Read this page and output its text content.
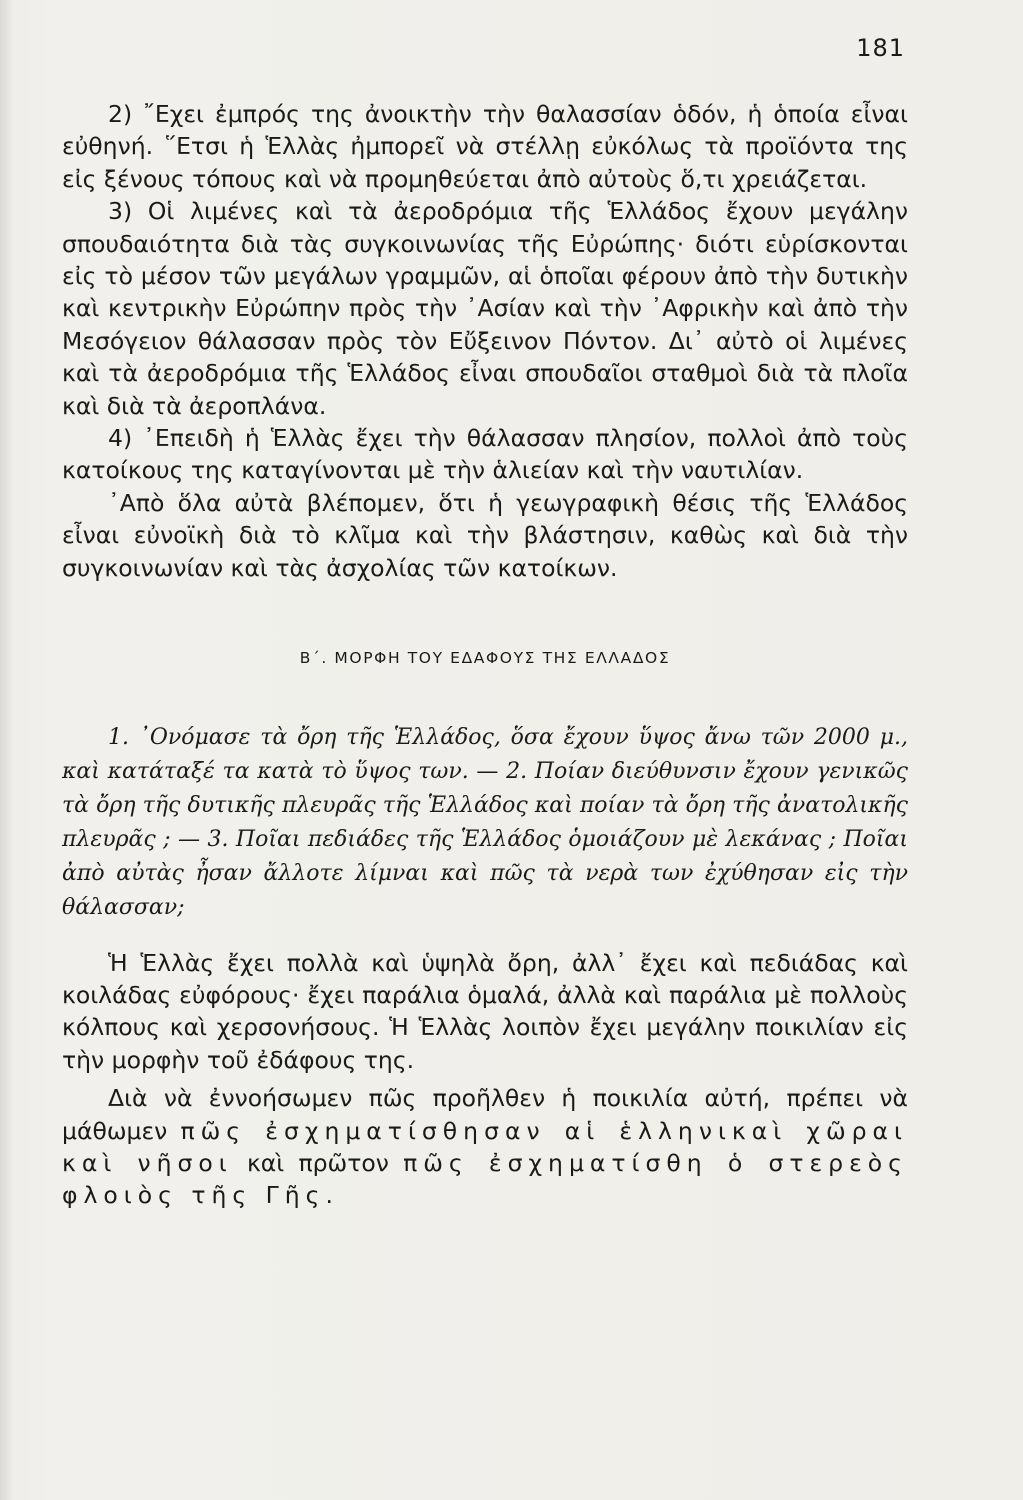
181

2) ῎Εχει ἐμπρός της ἀνοικτὴν τὴν θαλασσίαν ὁδόν, ἡ ὁποία εἶναι εὐθηνή. ῞Ετσι ἡ Ἑλλὰς ἠμπορεῖ νὰ στέλλῃ εὐκόλως τὰ προϊόντα της εἰς ξένους τόπους καὶ νὰ προμηθεύεται ἀπὸ αὐτοὺς ὅ,τι χρειάζεται.

3) Οἱ λιμένες καὶ τὰ ἀεροδρόμια τῆς Ἑλλάδος ἔχουν μεγάλην σπουδαιότητα διὰ τὰς συγκοινωνίας τῆς Εὐρώπης· διότι εὑρίσκονται εἰς τὸ μέσον τῶν μεγάλων γραμμῶν, αἱ ὁποῖαι φέρουν ἀπὸ τὴν δυτικὴν καὶ κεντρικὴν Εὐρώπην πρὸς τὴν ᾿Ασίαν καὶ τὴν ᾿Αφρικὴν καὶ ἀπὸ τὴν Μεσόγειον θάλασσαν πρὸς τὸν Εὔξεινον Πόντον. Δι᾿ αὐτὸ οἱ λιμένες καὶ τὰ ἀεροδρόμια τῆς Ἑλλάδος εἶναι σπουδαῖοι σταθμοὶ διὰ τὰ πλοῖα καὶ διὰ τὰ ἀεροπλάνα.

4) ᾿Επειδὴ ἡ Ἑλλὰς ἔχει τὴν θάλασσαν πλησίον, πολλοὶ ἀπὸ τοὺς κατοίκους της καταγίνονται μὲ τὴν ἁλιείαν καὶ τὴν ναυτιλίαν.

᾿Απὸ ὅλα αὐτὰ βλέπομεν, ὅτι ἡ γεωγραφικὴ θέσις τῆς Ἑλλάδος εἶναι εὐνοϊκὴ διὰ τὸ κλῖμα καὶ τὴν βλάστησιν, καθὼς καὶ διὰ τὴν συγκοινωνίαν καὶ τὰς ἀσχολίας τῶν κατοίκων.

Β΄. ΜΟΡΦΗ ΤΟΥ ΕΔΑΦΟΥΣ ΤΗΣ ΕΛΛΑΔΟΣ

1. ᾿Ονόμασε τὰ ὄρη τῆς Ἑλλάδος, ὅσα ἔχουν ὕψος ἄνω τῶν 2000 μ., καὶ κατάταξέ τα κατὰ τὸ ὕψος των. — 2. Ποίαν διεύθυνσιν ἔχουν γενικῶς τὰ ὄρη τῆς δυτικῆς πλευρᾶς τῆς Ἑλλάδος καὶ ποίαν τὰ ὄρη τῆς ἀνατολικῆς πλευρᾶς ; — 3. Ποῖαι πεδιάδες τῆς Ἑλλάδος ὁμοιάζουν μὲ λεκάνας ; Ποῖαι ἀπὸ αὐτὰς ἦσαν ἄλλοτε λίμναι καὶ πῶς τὰ νερὰ των ἐχύθησαν εἰς τὴν θάλασσαν;

Ἡ Ἑλλὰς ἔχει πολλὰ καὶ ὑψηλὰ ὄρη, ἀλλ᾿ ἔχει καὶ πεδιάδας καὶ κοιλάδας εὐφόρους· ἔχει παράλια ὁμαλά, ἀλλὰ καὶ παράλια μὲ πολλοὺς κόλπους καὶ χερσονήσους. Ἡ Ἑλλὰς λοιπὸν ἔχει μεγάλην ποικιλίαν εἰς τὴν μορφὴν τοῦ ἐδάφους της.

Διὰ νὰ ἐννοήσωμεν πῶς προῆλθεν ἡ ποικιλία αὐτή, πρέπει νὰ μάθωμεν πῶς ἐσχηματίσθησαν αἱ ἑλληνικαὶ χῶραι καὶ νῆσοι καὶ πρῶτον πῶς ἐσχηματίσθη ὁ στερεὸς φλοιὸς τῆς Γῆς.
